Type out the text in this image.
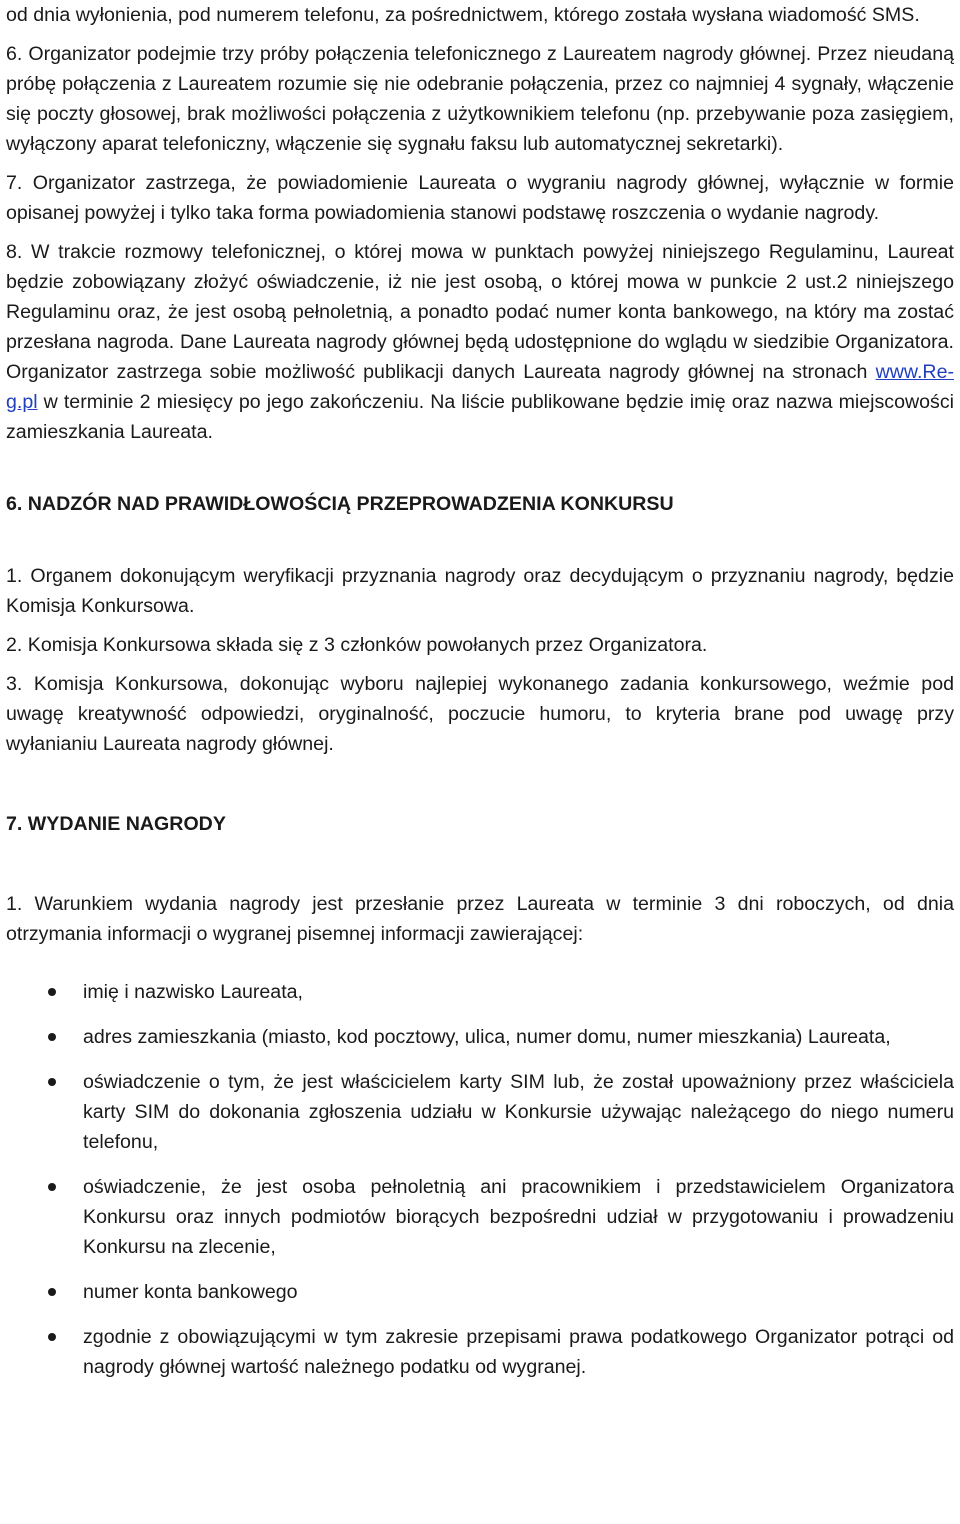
od dnia wyłonienia, pod numerem telefonu, za pośrednictwem, którego została wysłana wiadomość SMS.

6. Organizator podejmie trzy próby połączenia telefonicznego z Laureatem nagrody głównej. Przez nieudaną próbę połączenia z Laureatem rozumie się nie odebranie połączenia, przez co najmniej 4 sygnały, włączenie się poczty głosowej, brak możliwości połączenia z użytkownikiem telefonu (np. przebywanie poza zasięgiem, wyłączony aparat telefoniczny, włączenie się sygnału faksu lub automatycznej sekretarki).

7. Organizator zastrzega, że powiadomienie Laureata o wygraniu nagrody głównej, wyłącznie w formie opisanej powyżej i tylko taka forma powiadomienia stanowi podstawę roszczenia o wydanie nagrody.

8. W trakcie rozmowy telefonicznej, o której mowa w punktach powyżej niniejszego Regulaminu, Laureat będzie zobowiązany złożyć oświadczenie, iż nie jest osobą, o której mowa w punkcie 2 ust.2 niniejszego Regulaminu oraz, że jest osobą pełnoletnią, a ponadto podać numer konta bankowego, na który ma zostać przesłana nagroda. Dane Laureata nagrody głównej będą udostępnione do wglądu w siedzibie Organizatora. Organizator zastrzega sobie możliwość publikacji danych Laureata nagrody głównej na stronach www.Re-g.pl w terminie 2 miesięcy po jego zakończeniu. Na liście publikowane będzie imię oraz nazwa miejscowości zamieszkania Laureata.

6. NADZÓR NAD PRAWIDŁOWOŚCIĄ PRZEPROWADZENIA KONKURSU

1. Organem dokonującym weryfikacji przyznania nagrody oraz decydującym o przyznaniu nagrody, będzie Komisja Konkursowa.

2. Komisja Konkursowa składa się z 3 członków powołanych przez Organizatora.

3. Komisja Konkursowa, dokonując wyboru najlepiej wykonanego zadania konkursowego, weźmie pod uwagę kreatywność odpowiedzi, oryginalność, poczucie humoru, to kryteria brane pod uwagę przy wyłanianiu Laureata nagrody głównej.

7. WYDANIE NAGRODY

1. Warunkiem wydania nagrody jest przesłanie przez Laureata w terminie 3 dni roboczych, od dnia otrzymania informacji o wygranej pisemnej informacji zawierającej:

imię i nazwisko Laureata,
adres zamieszkania (miasto, kod pocztowy, ulica, numer domu, numer mieszkania) Laureata,
oświadczenie o tym, że jest właścicielem karty SIM lub, że został upoważniony przez właściciela karty SIM do dokonania zgłoszenia udziału w Konkursie używając należącego do niego numeru telefonu,
oświadczenie, że jest osoba pełnoletnią ani pracownikiem i przedstawicielem Organizatora Konkursu oraz innych podmiotów biorących bezpośredni udział w przygotowaniu i prowadzeniu Konkursu na zlecenie,
numer konta bankowego
zgodnie z obowiązującymi w tym zakresie przepisami prawa podatkowego Organizator potrąci od nagrody głównej wartość należnego podatku od wygranej.
